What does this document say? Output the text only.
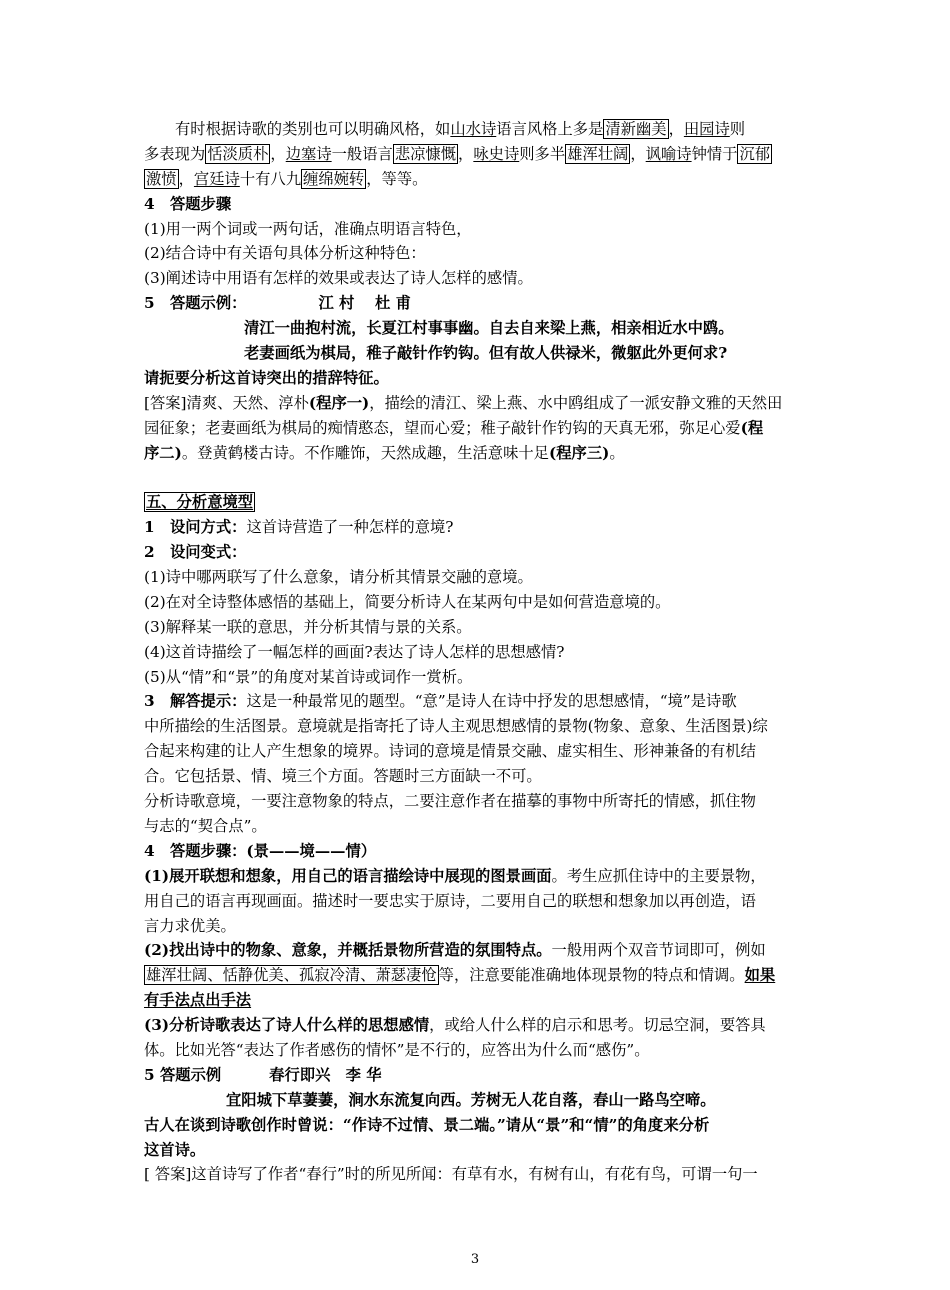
有时根据诗歌的类别也可以明确风格，如山水诗语言风格上多是 清新幽美 ，田园诗则
多表现为 恬淡质朴 ，边塞诗一般语言 悲凉慷慨 ，咏史诗则多半 雄浑壮阔 ，讽喻诗钟情于 沉郁
激愤 ，宫廷诗十有八九 缠绵婉转 ，等等。
4　答题步骤
(1)用一两个词或一两句话，准确点明语言特色，
(2)结合诗中有关语句具体分析这种特色：
(3)阐述诗中用语有怎样的效果或表达了诗人怎样的感情。
5　答题示例：	江 村　 杜 甫
清江一曲抱村流，长夏江村事事幽。自去自来梁上燕，相亲相近水中鸥。
老妻画纸为棋局，稚子敲针作钓钩。但有故人供禄米，微躯此外更何求?
请扼要分析这首诗突出的措辞特征。
[答案]清爽、天然、淳朴(程序一)，描绘的清江、梁上燕、水中鸥组成了一派安静文雅的天然田
园征象；老妻画纸为棋局的痴情憨态，望而心爱；稚子敲针作钓钩的天真无邪，弥足心爱(程
序二)。登黄鹤楼古诗。不作雕饰，天然成趣，生活意味十足(程序三)。
五、分析意境型
1　设问方式：这首诗营造了一种怎样的意境?
2　设问变式：
(1)诗中哪两联写了什么意象，请分析其情景交融的意境。
(2)在对全诗整体感悟的基础上，简要分析诗人在某两句中是如何营造意境的。
(3)解释某一联的意思，并分析其情与景的关系。
(4)这首诗描绘了一幅怎样的画面?表达了诗人怎样的思想感情?
(5)从“情”和“景”的角度对某首诗或词作一赏析。
3　解答提示：这是一种最常见的题型。“意”是诗人在诗中抒发的思想感情，“境”是诗歌
中所描绘的生活图景。意境就是指寄托了诗人主观思想感情的景物(物象、意象、生活图景)综
合起来构建的让人产生想象的境界。诗词的意境是情景交融、虚实相生、形神兼备的有机结
合。它包括景、情、境三个方面。答题时三方面缺一不可。
分析诗歌意境，一要注意物象的特点，二要注意作者在描摹的事物中所寄托的情感，抓住物
与志的“契合点”。
4　答题步骤：(景——境——情）
(1)展开联想和想象，用自己的语言描绘诗中展现的图景画面。考生应抓住诗中的主要景物，
用自己的语言再现画面。描述时一要忠实于原诗，二要用自己的联想和想象加以再创造，语
言力求优美。
(2)找出诗中的物象、意象，并概括景物所营造的氛围特点。一般用两个双音节词即可，例如
雄浑壮阔、恬静优美、孤寂冷清、萧瑟凄怆 等，注意要能准确地体现景物的特点和情调。如果
有手法点出手法
(3)分析诗歌表达了诗人什么样的思想感情，或给人什么样的启示和思考。切忌空洞，要答具
体。比如光答“表达了作者感伤的情怀”是不行的，应答出为什么而“感伤”。
5 答题示例	春行即兴　李 华
宜阳城下草萋萋，涧水东流复向西。芳树无人花自落，春山一路鸟空啼。
古人在谈到诗歌创作时曾说：“作诗不过情、景二端。”请从“景”和“情”的角度来分析
这首诗。
[ 答案]这首诗写了作者“春行”时的所见所闻：有草有水，有树有山，有花有鸟，可谓一句一
3
